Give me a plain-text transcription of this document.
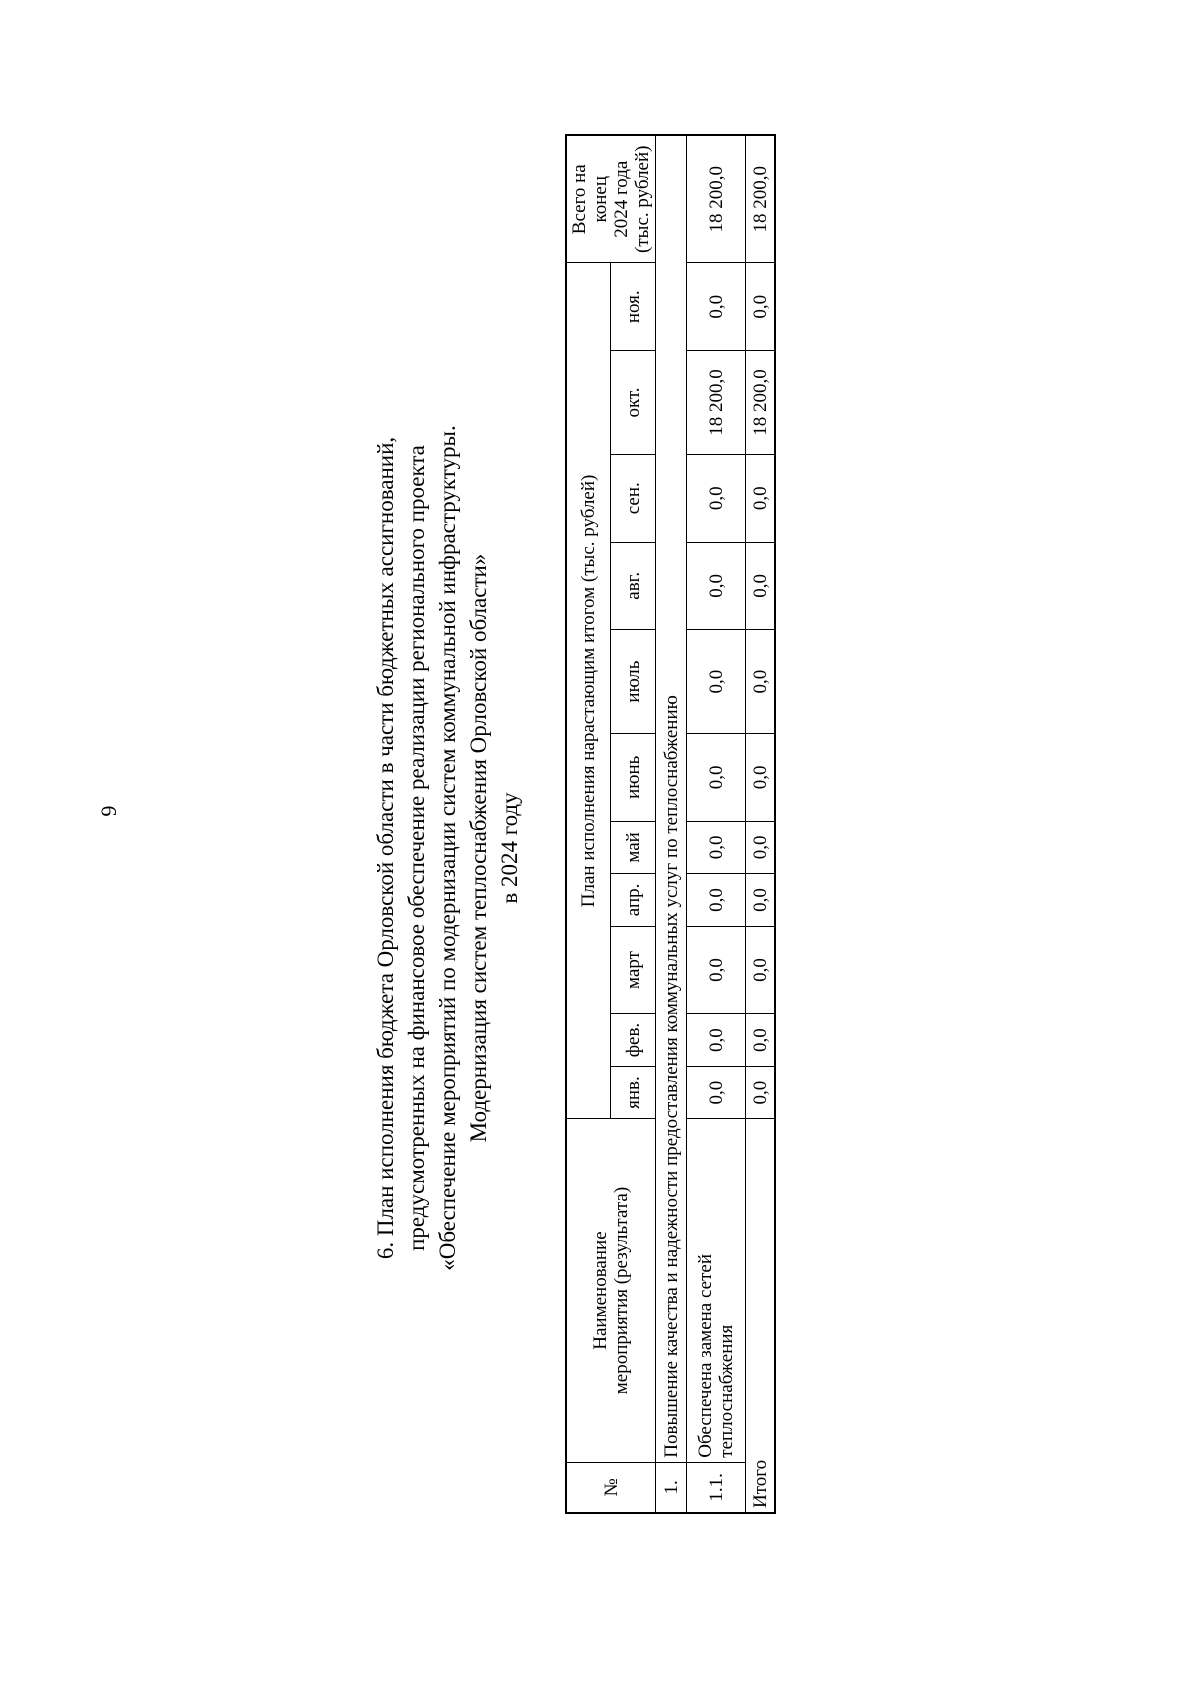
6	6. План исполнения бюджета Орловской области в части бюджетных ассигнований, предусмотренных на финансовое обеспечение реализации регионального проекта «Обеспечение мероприятий по модернизации систем коммунальной инфраструктуры. Модернизация систем теплоснабжения Орловской области» в 2024 году
№	Наименование
мероприятия (результата)	План исполнения нарастающим итогом (тыс. рублей)											Всего на конец
2024 года
(тыс. рублей)
		янв.	фев.	март	апр.	май	июнь	июль	авг.	сен.	окт.	ноя.	
1.	Повышение качества и надежности предоставления коммунальных услуг по теплоснабжению												
1.1.	Обеспечена замена сетей
теплоснабжения	0,0	0,0	0,0	0,0	0,0	0,0	0,0	0,0	0,0	18 200,0	0,0	18 200,0
Итого		0,0	0,0	0,0	0,0	0,0	0,0	0,0	0,0	0,0	18 200,0	0,0	18 200,0
